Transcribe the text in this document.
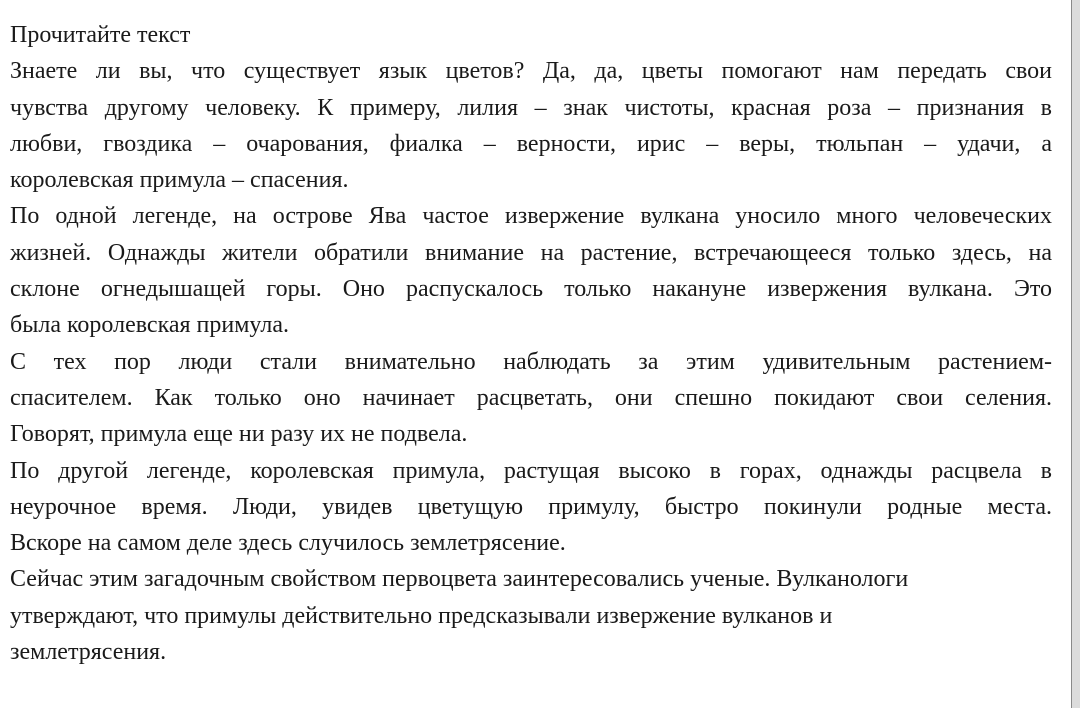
Прочитайте текст

Знаете ли вы, что существует язык цветов? Да, да, цветы помогают нам передать свои

чувства другому человеку. К примеру, лилия – знак чистоты, красная роза – признания в

любви, гвоздика – очарования, фиалка – верности, ирис – веры, тюльпан – удачи, а

королевская примула – спасения.

По одной легенде, на острове Ява частое извержение вулкана уносило много человеческих

жизней. Однажды жители обратили внимание на растение, встречающееся только здесь, на

склоне огнедышащей горы. Оно распускалось только накануне извержения вулкана. Это

была королевская примула.

С тех пор люди стали внимательно наблюдать за этим удивительным растением-

спасителем. Как только оно начинает расцветать, они спешно покидают свои селения.

Говорят, примула еще ни разу их не подвела.

По другой легенде, королевская примула, растущая высоко в горах, однажды расцвела в

неурочное время. Люди, увидев цветущую примулу, быстро покинули родные места.

Вскоре на самом деле здесь случилось землетрясение.

Сейчас этим загадочным свойством первоцвета заинтересовались ученые. Вулканологи

утверждают, что примулы действительно предсказывали извержение вулканов и

землетрясения.
